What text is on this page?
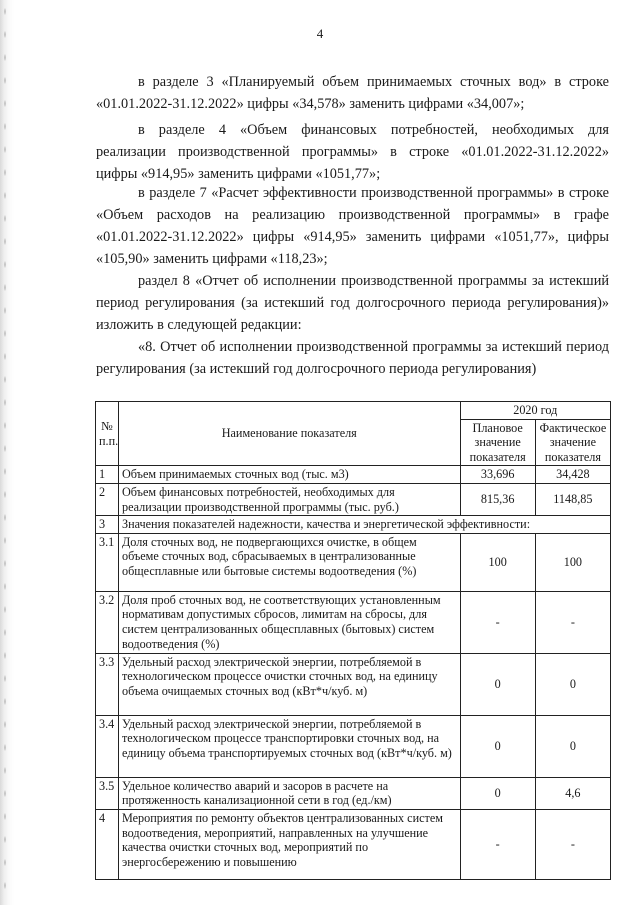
4

в разделе 3 «Планируемый объем принимаемых сточных вод» в строке «01.01.2022-31.12.2022» цифры «34,578» заменить цифрами «34,007»;

в разделе 4 «Объем финансовых потребностей, необходимых для реализации производственной программы» в строке «01.01.2022-31.12.2022» цифры «914,95» заменить цифрами «1051,77»;

в разделе 7 «Расчет эффективности производственной программы» в строке «Объем расходов на реализацию производственной программы» в графе «01.01.2022-31.12.2022» цифры «914,95» заменить цифрами «1051,77», цифры «105,90» заменить цифрами «118,23»;

раздел 8 «Отчет об исполнении производственной программы за истекший период регулирования (за истекший год долгосрочного периода регулирования)» изложить в следующей редакции:

«8. Отчет об исполнении производственной программы за истекший период регулирования (за истекший год долгосрочного периода регулирования)

№ п.п.	Наименование показателя	2020 год	
		Плановое значение показателя	Фактическое значение показателя
1	Объем принимаемых сточных вод (тыс. м3)	33,696	34,428
2	Объем финансовых потребностей, необходимых для реализации производственной программы (тыс. руб.)	815,36	1148,85
3	Значения показателей надежности, качества и энергетической эффективности:		
3.1	Доля сточных вод, не подвергающихся очистке, в общем объеме сточных вод, сбрасываемых в централизованные общесплавные или бытовые системы водоотведения (%)	100	100
3.2	Доля проб сточных вод, не соответствующих установленным нормативам допустимых сбросов, лимитам на сбросы, для систем централизованных общесплавных (бытовых) систем водоотведения (%)	-	-
3.3	Удельный расход электрической энергии, потребляемой в технологическом процессе очистки сточных вод, на единицу объема очищаемых сточных вод (кВт*ч/куб. м)	0	0
3.4	Удельный расход электрической энергии, потребляемой в технологическом процессе транспортировки сточных вод, на единицу объема транспортируемых сточных вод (кВт*ч/куб. м)	0	0
3.5	Удельное количество аварий и засоров в расчете на протяженность канализационной сети в год (ед./км)	0	4,6
4	Мероприятия по ремонту объектов централизованных систем водоотведения, мероприятий, направленных на улучшение качества очистки сточных вод, мероприятий по энергосбережению и повышению	-	-
